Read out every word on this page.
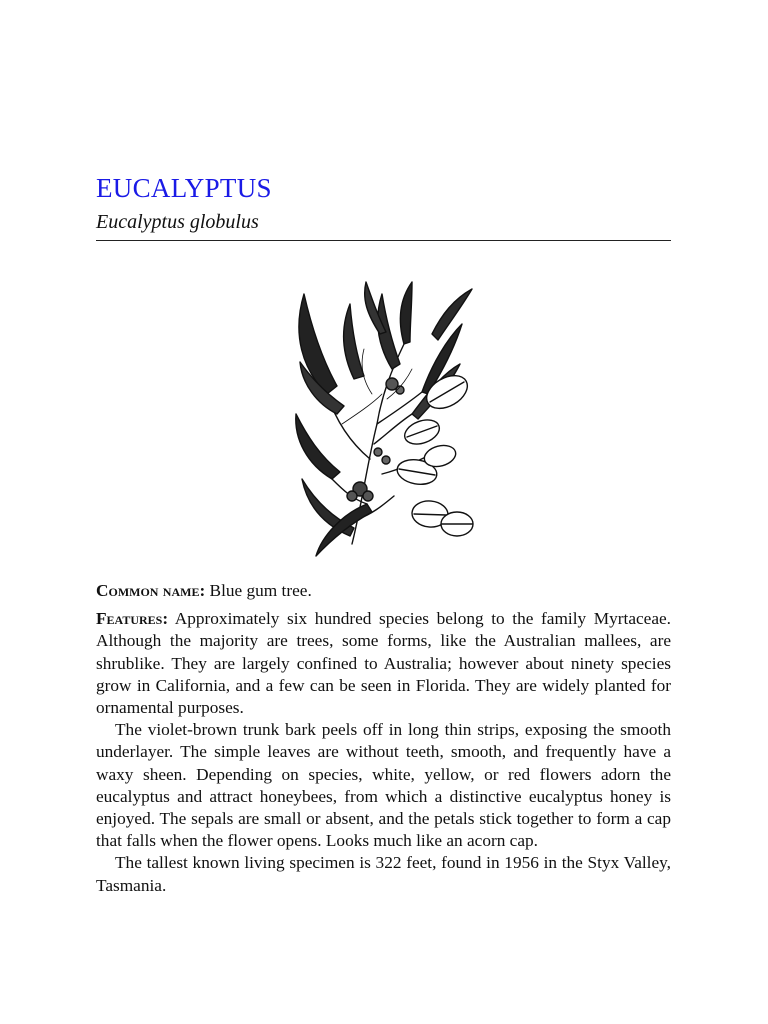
EUCALYPTUS
Eucalyptus globulus

Common name: Blue gum tree.

Features: Approximately six hundred species belong to the family Myrtaceae. Although the majority are trees, some forms, like the Australian mallees, are shrublike. They are largely confined to Australia; however about ninety species grow in California, and a few can be seen in Florida. They are widely planted for ornamental purposes.

The violet-brown trunk bark peels off in long thin strips, exposing the smooth underlayer. The simple leaves are without teeth, smooth, and frequently have a waxy sheen. Depending on species, white, yellow, or red flowers adorn the eucalyptus and attract honeybees, from which a distinctive eucalyptus honey is enjoyed. The sepals are small or absent, and the petals stick together to form a cap that falls when the flower opens. Looks much like an acorn cap.

The tallest known living specimen is 322 feet, found in 1956 in the Styx Valley, Tasmania.
